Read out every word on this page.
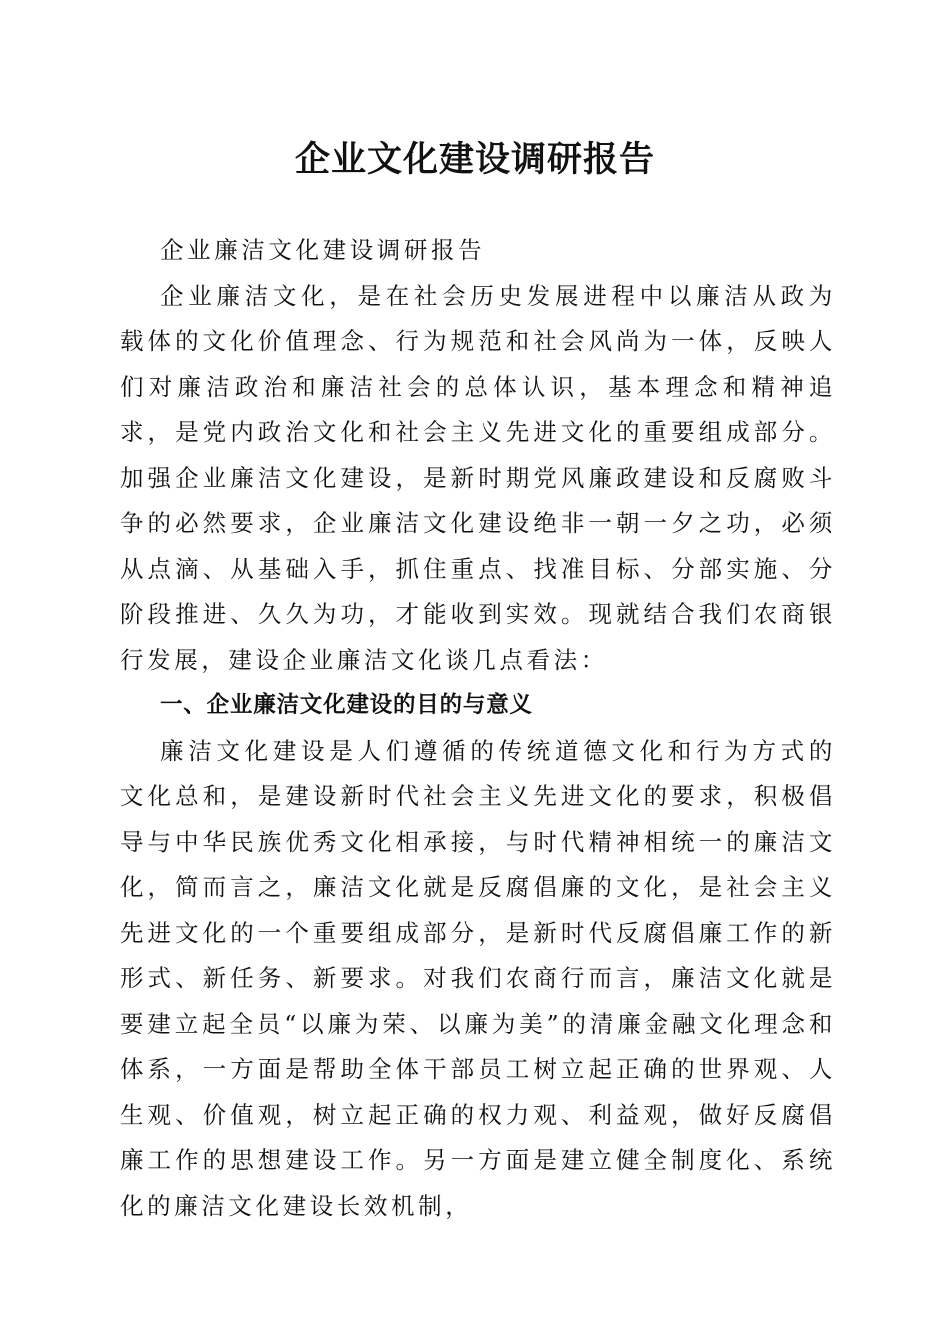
企业文化建设调研报告

企业廉洁文化建设调研报告

企业廉洁文化，是在社会历史发展进程中以廉洁从政为载体的文化价值理念、行为规范和社会风尚为一体，反映人们对廉洁政治和廉洁社会的总体认识，基本理念和精神追求，是党内政治文化和社会主义先进文化的重要组成部分。加强企业廉洁文化建设，是新时期党风廉政建设和反腐败斗争的必然要求，企业廉洁文化建设绝非一朝一夕之功，必须从点滴、从基础入手，抓住重点、找准目标、分部实施、分阶段推进、久久为功，才能收到实效。现就结合我们农商银行发展，建设企业廉洁文化谈几点看法：

一、企业廉洁文化建设的目的与意义

廉洁文化建设是人们遵循的传统道德文化和行为方式的文化总和，是建设新时代社会主义先进文化的要求，积极倡导与中华民族优秀文化相承接，与时代精神相统一的廉洁文化，简而言之，廉洁文化就是反腐倡廉的文化，是社会主义先进文化的一个重要组成部分，是新时代反腐倡廉工作的新形式、新任务、新要求。对我们农商行而言，廉洁文化就是要建立起全员“以廉为荣、以廉为美”的清廉金融文化理念和体系，一方面是帮助全体干部员工树立起正确的世界观、人生观、价值观，树立起正确的权力观、利益观，做好反腐倡廉工作的思想建设工作。另一方面是建立健全制度化、系统化的廉洁文化建设长效机制，
